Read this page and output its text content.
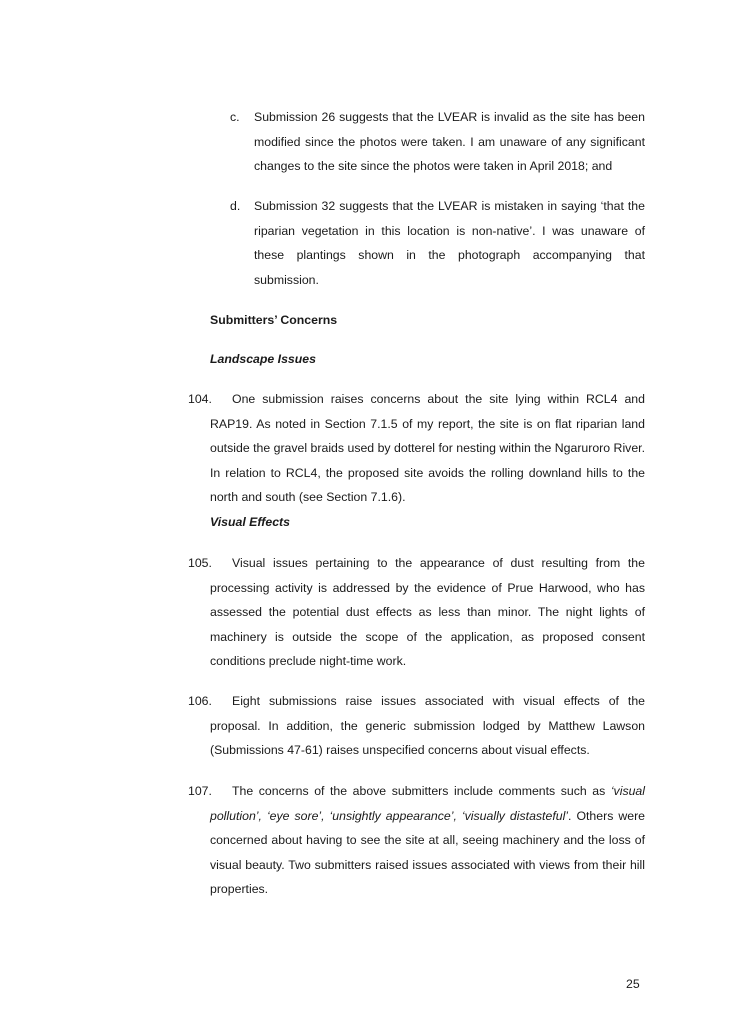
c. Submission 26 suggests that the LVEAR is invalid as the site has been modified since the photos were taken. I am unaware of any significant changes to the site since the photos were taken in April 2018; and
d. Submission 32 suggests that the LVEAR is mistaken in saying ‘that the riparian vegetation in this location is non-native’. I was unaware of these plantings shown in the photograph accompanying that submission.
Submitters’ Concerns
Landscape Issues
104. One submission raises concerns about the site lying within RCL4 and RAP19. As noted in Section 7.1.5 of my report, the site is on flat riparian land outside the gravel braids used by dotterel for nesting within the Ngaruroro River. In relation to RCL4, the proposed site avoids the rolling downland hills to the north and south (see Section 7.1.6).
Visual Effects
105. Visual issues pertaining to the appearance of dust resulting from the processing activity is addressed by the evidence of Prue Harwood, who has assessed the potential dust effects as less than minor. The night lights of machinery is outside the scope of the application, as proposed consent conditions preclude night-time work.
106. Eight submissions raise issues associated with visual effects of the proposal. In addition, the generic submission lodged by Matthew Lawson (Submissions 47-61) raises unspecified concerns about visual effects.
107. The concerns of the above submitters include comments such as ‘visual pollution’, ‘eye sore’, ‘unsightly appearance’, ‘visually distasteful’. Others were concerned about having to see the site at all, seeing machinery and the loss of visual beauty. Two submitters raised issues associated with views from their hill properties.
25
